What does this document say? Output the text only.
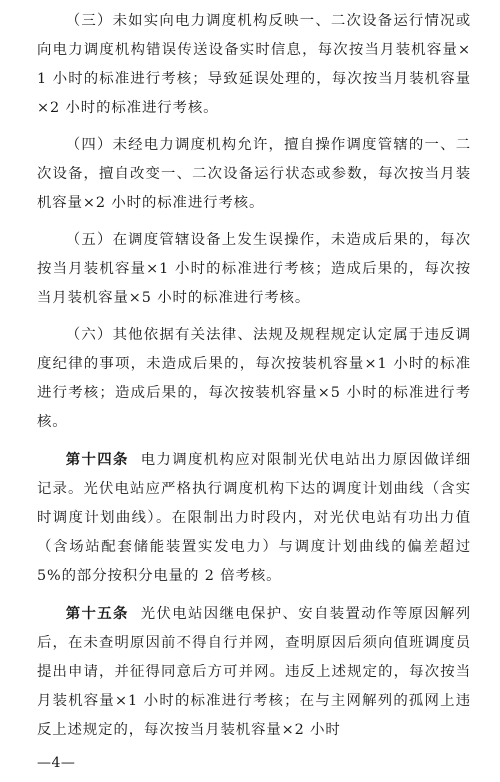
（三）未如实向电力调度机构反映一、二次设备运行情况或向电力调度机构错误传送设备实时信息，每次按当月装机容量×1 小时的标准进行考核；导致延误处理的，每次按当月装机容量×2 小时的标准进行考核。

（四）未经电力调度机构允许，擅自操作调度管辖的一、二次设备，擅自改变一、二次设备运行状态或参数，每次按当月装机容量×2 小时的标准进行考核。

（五）在调度管辖设备上发生误操作，未造成后果的，每次按当月装机容量×1 小时的标准进行考核；造成后果的，每次按当月装机容量×5 小时的标准进行考核。

（六）其他依据有关法律、法规及规程规定认定属于违反调度纪律的事项，未造成后果的，每次按装机容量×1 小时的标准进行考核；造成后果的，每次按装机容量×5 小时的标准进行考核。

第十四条 电力调度机构应对限制光伏电站出力原因做详细记录。光伏电站应严格执行调度机构下达的调度计划曲线（含实时调度计划曲线）。在限制出力时段内，对光伏电站有功出力值（含场站配套储能装置实发电力）与调度计划曲线的偏差超过 5%的部分按积分电量的 2 倍考核。

第十五条 光伏电站因继电保护、安自装置动作等原因解列后，在未查明原因前不得自行并网，查明原因后须向值班调度员提出申请，并征得同意后方可并网。违反上述规定的，每次按当月装机容量×1 小时的标准进行考核；在与主网解列的孤网上违反上述规定的，每次按当月装机容量×2 小时

—4—
